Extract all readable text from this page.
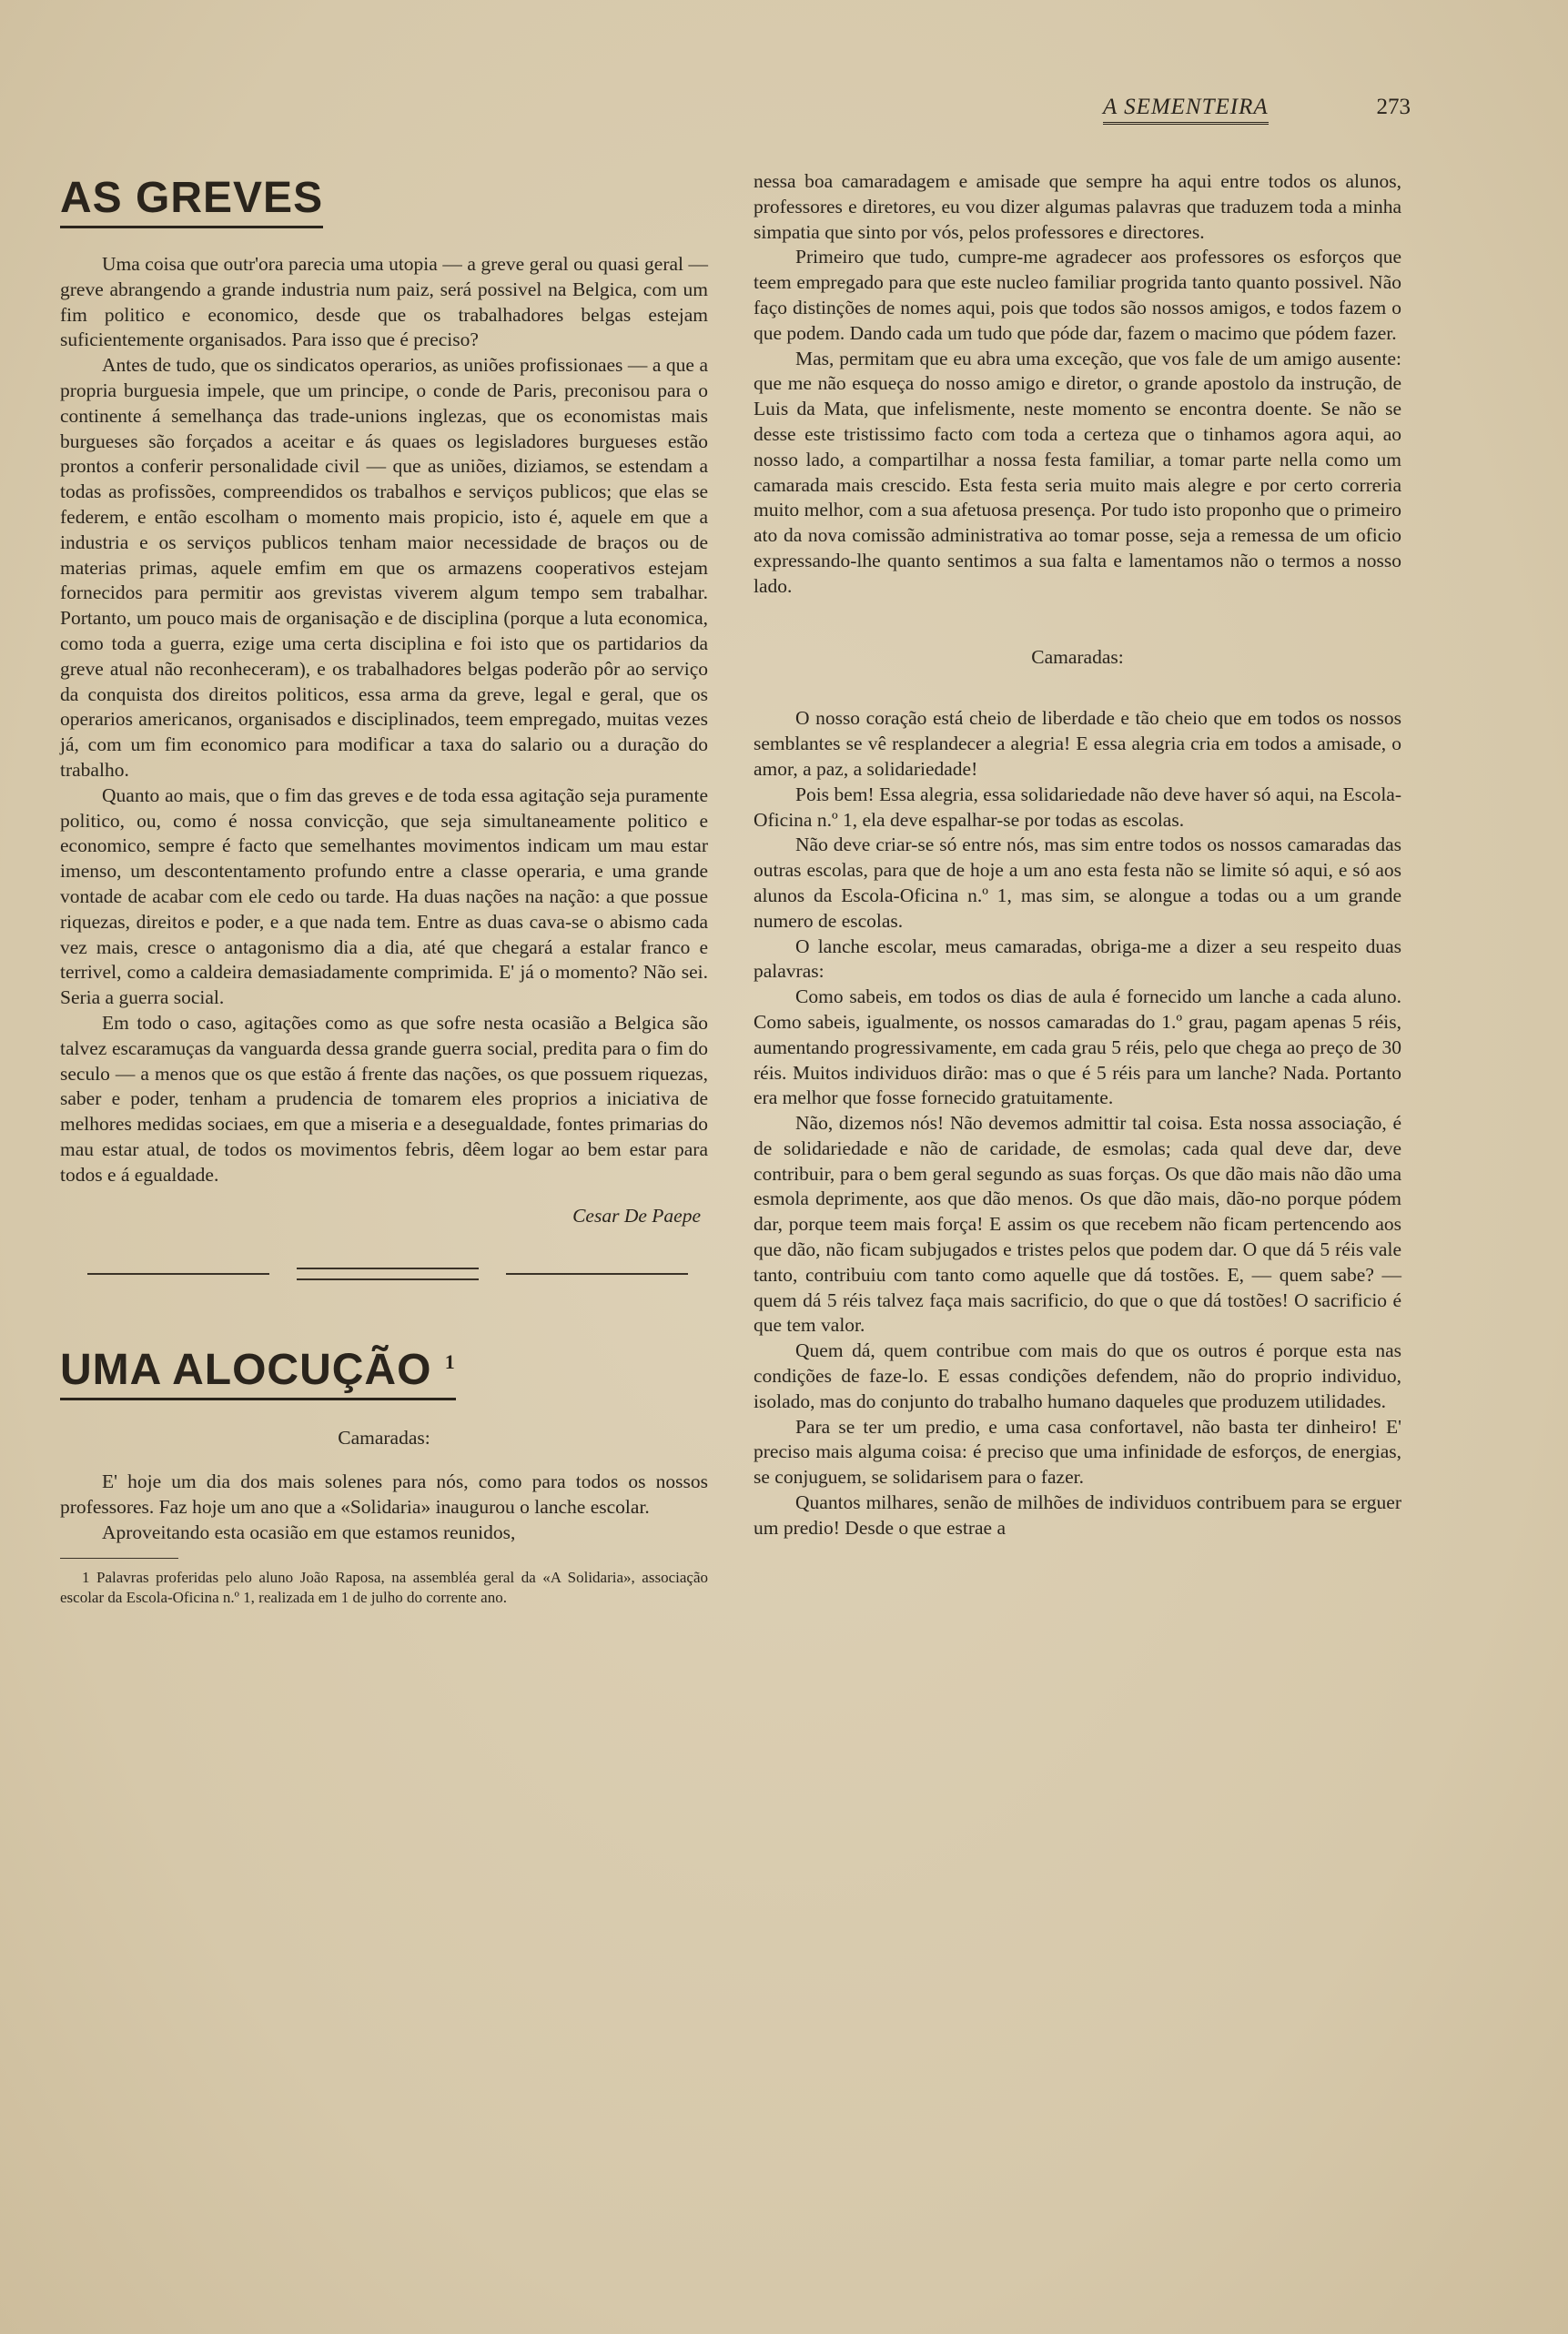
A SEMENTEIRA	273
AS GREVES

Uma coisa que outr'ora parecia uma utopia — a greve geral ou quasi geral — greve abrangendo a grande industria num paiz, será possivel na Belgica, com um fim politico e economico, desde que os trabalhadores belgas estejam suficientemente organisados. Para isso que é preciso?

Antes de tudo, que os sindicatos operarios, as uniões profissionaes — a que a propria burguesia impele, que um principe, o conde de Paris, preconisou para o continente á semelhança das trade-unions inglezas, que os economistas mais burgueses são forçados a aceitar e ás quaes os legisladores burgueses estão prontos a conferir personalidade civil — que as uniões, diziamos, se estendam a todas as profissões, compreendidos os trabalhos e serviços publicos; que elas se federem, e então escolham o momento mais propicio, isto é, aquele em que a industria e os serviços publicos tenham maior necessidade de braços ou de materias primas, aquele emfim em que os armazens cooperativos estejam fornecidos para permitir aos grevistas viverem algum tempo sem trabalhar. Portanto, um pouco mais de organisação e de disciplina (porque a luta economica, como toda a guerra, ezige uma certa disciplina e foi isto que os partidarios da greve atual não reconheceram), e os trabalhadores belgas poderão pôr ao serviço da conquista dos direitos politicos, essa arma da greve, legal e geral, que os operarios americanos, organisados e disciplinados, teem empregado, muitas vezes já, com um fim economico para modificar a taxa do salario ou a duração do trabalho.

Quanto ao mais, que o fim das greves e de toda essa agitação seja puramente politico, ou, como é nossa convicção, que seja simultaneamente politico e economico, sempre é facto que semelhantes movimentos indicam um mau estar imenso, um descontentamento profundo entre a classe operaria, e uma grande vontade de acabar com ele cedo ou tarde. Ha duas nações na nação: a que possue riquezas, direitos e poder, e a que nada tem. Entre as duas cava-se o abismo cada vez mais, cresce o antagonismo dia a dia, até que chegará a estalar franco e terrivel, como a caldeira demasiadamente comprimida. E' já o momento? Não sei. Seria a guerra social.

Em todo o caso, agitações como as que sofre nesta ocasião a Belgica são talvez escaramuças da vanguarda dessa grande guerra social, predita para o fim do seculo — a menos que os que estão á frente das nações, os que possuem riquezas, saber e poder, tenham a prudencia de tomarem eles proprios a iniciativa de melhores medidas sociaes, em que a miseria e a desegualdade, fontes primarias do mau estar atual, de todos os movimentos febris, dêem logar ao bem estar para todos e á egualdade.

Cesar De Paepe
UMA ALOCUÇÃO $^1$

Camaradas:

E' hoje um dia dos mais solenes para nós, como para todos os nossos professores. Faz hoje um ano que a «Solidaria» inaugurou o lanche escolar.

Aproveitando esta ocasião em que estamos reunidos,

1 Palavras proferidas pelo aluno João Raposa, na assembléa geral da «A Solidaria», associação escolar da Escola-Oficina n.º 1, realizada em 1 de julho do corrente ano.

nessa boa camaradagem e amisade que sempre ha aqui entre todos os alunos, professores e diretores, eu vou dizer algumas palavras que traduzem toda a minha simpatia que sinto por vós, pelos professores e directores.

Primeiro que tudo, cumpre-me agradecer aos professores os esforços que teem empregado para que este nucleo familiar progrida tanto quanto possivel. Não faço distinções de nomes aqui, pois que todos são nossos amigos, e todos fazem o que podem. Dando cada um tudo que póde dar, fazem o macimo que pódem fazer.

Mas, permitam que eu abra uma exceção, que vos fale de um amigo ausente: que me não esqueça do nosso amigo e diretor, o grande apostolo da instrução, de Luis da Mata, que infelismente, neste momento se encontra doente. Se não se desse este tristissimo facto com toda a certeza que o tinhamos agora aqui, ao nosso lado, a compartilhar a nossa festa familiar, a tomar parte nella como um camarada mais crescido. Esta festa seria muito mais alegre e por certo correria muito melhor, com a sua afetuosa presença. Por tudo isto proponho que o primeiro ato da nova comissão administrativa ao tomar posse, seja a remessa de um oficio expressando-lhe quanto sentimos a sua falta e lamentamos não o termos a nosso lado.

Camaradas:

O nosso coração está cheio de liberdade e tão cheio que em todos os nossos semblantes se vê resplandecer a alegria! E essa alegria cria em todos a amisade, o amor, a paz, a solidariedade!

Pois bem! Essa alegria, essa solidariedade não deve haver só aqui, na Escola-Oficina n.º 1, ela deve espalhar-se por todas as escolas.

Não deve criar-se só entre nós, mas sim entre todos os nossos camaradas das outras escolas, para que de hoje a um ano esta festa não se limite só aqui, e só aos alunos da Escola-Oficina n.º 1, mas sim, se alongue a todas ou a um grande numero de escolas.

O lanche escolar, meus camaradas, obriga-me a dizer a seu respeito duas palavras:

Como sabeis, em todos os dias de aula é fornecido um lanche a cada aluno. Como sabeis, igualmente, os nossos camaradas do 1.º grau, pagam apenas 5 réis, aumentando progressivamente, em cada grau 5 réis, pelo que chega ao preço de 30 réis. Muitos individuos dirão: mas o que é 5 réis para um lanche? Nada. Portanto era melhor que fosse fornecido gratuitamente.

Não, dizemos nós! Não devemos admittir tal coisa. Esta nossa associação, é de solidariedade e não de caridade, de esmolas; cada qual deve dar, deve contribuir, para o bem geral segundo as suas forças. Os que dão mais não dão uma esmola deprimente, aos que dão menos. Os que dão mais, dão-no porque pódem dar, porque teem mais força! E assim os que recebem não ficam pertencendo aos que dão, não ficam subjugados e tristes pelos que podem dar. O que dá 5 réis vale tanto, contribuiu com tanto como aquelle que dá tostões. E, — quem sabe? — quem dá 5 réis talvez faça mais sacrificio, do que o que dá tostões! O sacrificio é que tem valor.

Quem dá, quem contribue com mais do que os outros é porque esta nas condições de faze-lo. E essas condições defendem, não do proprio individuo, isolado, mas do conjunto do trabalho humano daqueles que produzem utilidades.

Para se ter um predio, e uma casa confortavel, não basta ter dinheiro! E' preciso mais alguma coisa: é preciso que uma infinidade de esforços, de energias, se conjuguem, se solidarisem para o fazer.

Quantos milhares, senão de milhões de individuos contribuem para se erguer um predio! Desde o que estrae a
